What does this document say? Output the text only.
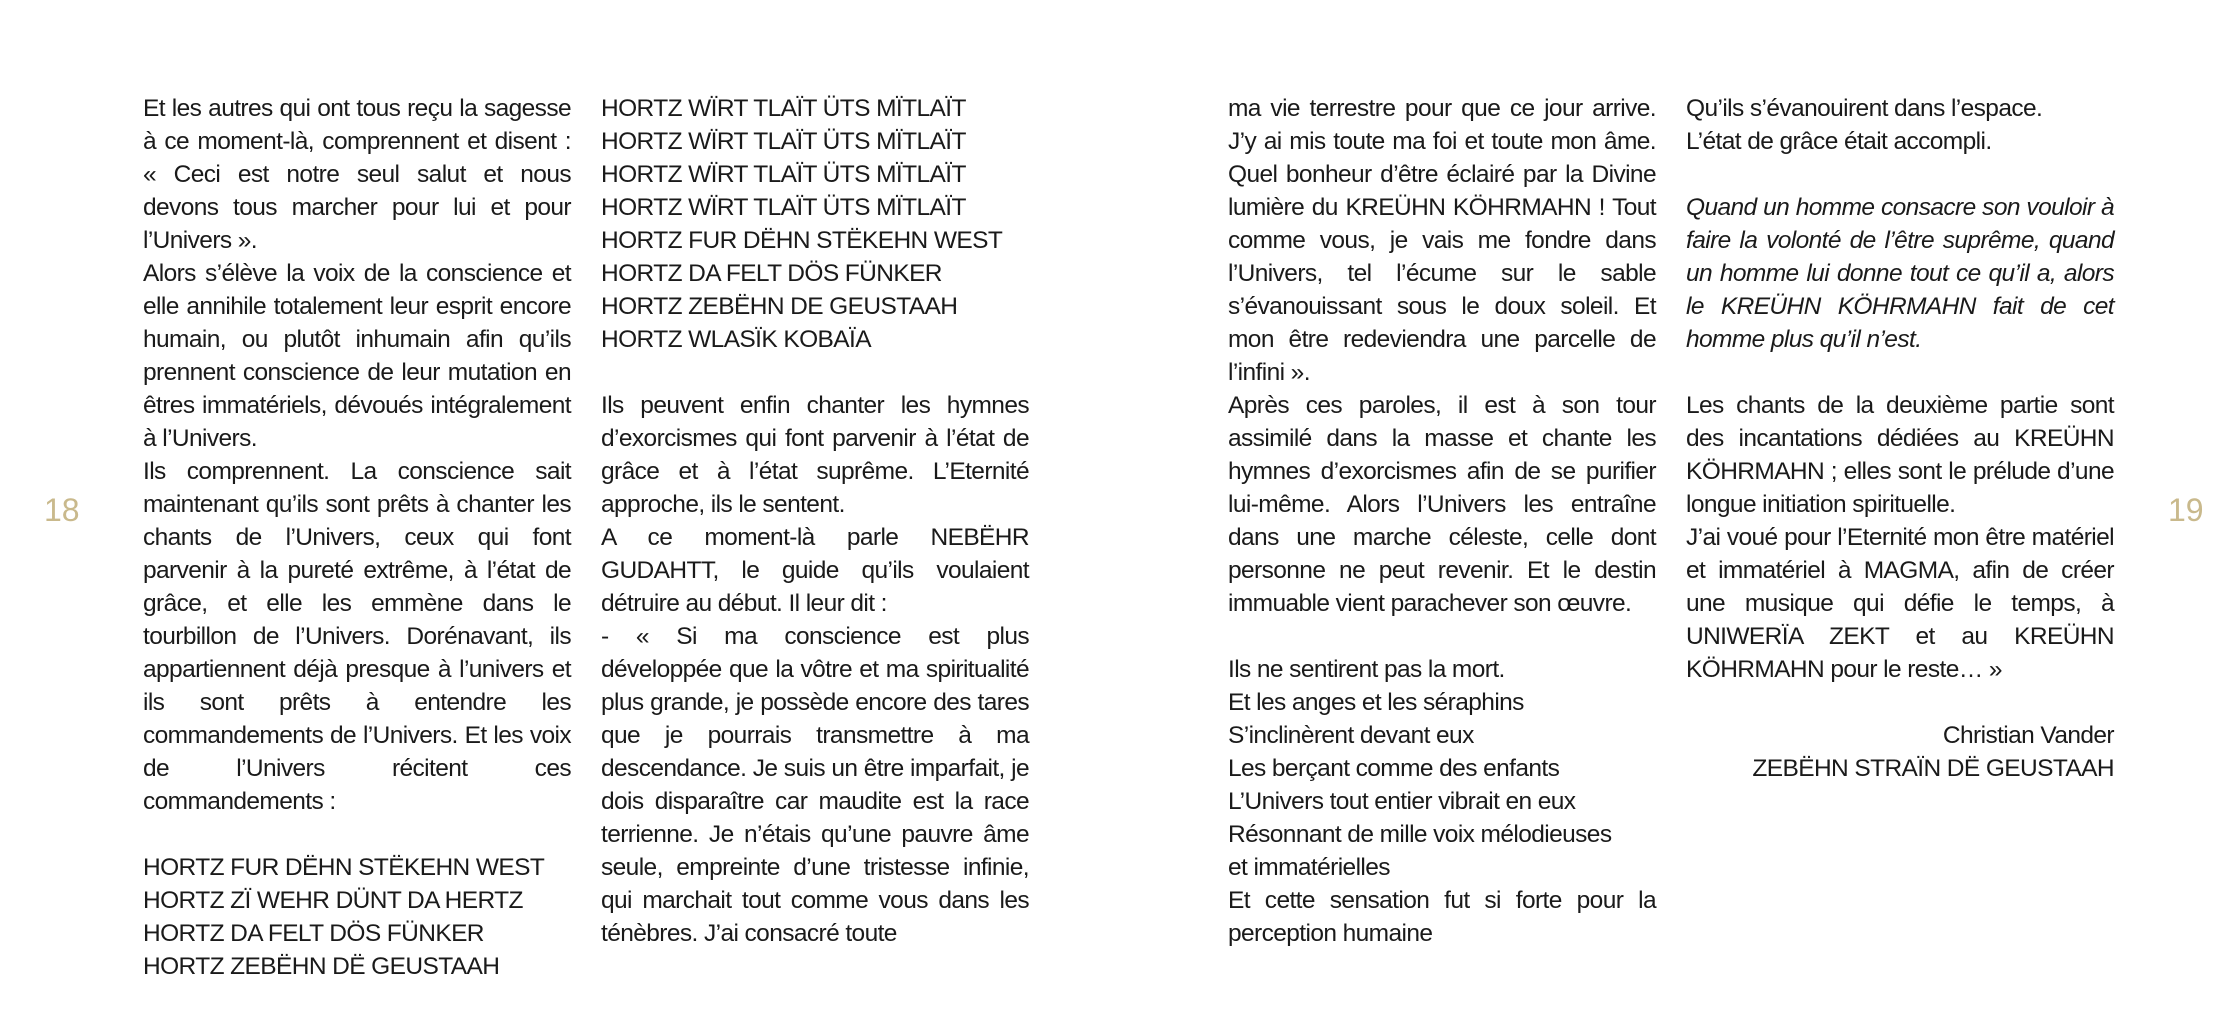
18	19

Et les autres qui ont tous reçu la sagesse à ce moment-là, comprennent et disent : « Ceci est notre seul salut et nous devons tous marcher pour lui et pour l’Univers ».

Alors s’élève la voix de la conscience et elle annihile totalement leur esprit encore humain, ou plutôt inhumain afin qu’ils prennent conscience de leur mutation en êtres immatériels, dévoués intégralement à l’Univers.

Ils comprennent. La conscience sait maintenant qu’ils sont prêts à chanter les chants de l’Univers, ceux qui font parvenir à la pureté extrême, à l’état de grâce, et elle les emmène dans le tourbillon de l’Univers. Dorénavant, ils appartiennent déjà presque à l’univers et ils sont prêts à entendre les commandements de l’Univers. Et les voix de l’Univers récitent ces commandements :

HORTZ FUR DËHN STËKEHN WEST
HORTZ ZÏ WEHR DÜNT DA HERTZ
HORTZ DA FELT DÖS FÜNKER
HORTZ ZEBËHN DË GEUSTAAH
HORTZ WÏRT TLAÏT ÜTS MÏTLAÏT
HORTZ WÏRT TLAÏT ÜTS MÏTLAÏT
HORTZ WÏRT TLAÏT ÜTS MÏTLAÏT
HORTZ WÏRT TLAÏT ÜTS MÏTLAÏT
HORTZ FUR DËHN STËKEHN WEST
HORTZ DA FELT DÖS FÜNKER
HORTZ ZEBËHN DE GEUSTAAH
HORTZ WLASÏK KOBAÏA

Ils peuvent enfin chanter les hymnes d’exorcismes qui font parvenir à l’état de grâce et à l’état suprême. L’Eternité approche, ils le sentent.

A ce moment-là parle NEBËHR GUDAHTT, le guide qu’ils voulaient détruire au début. Il leur dit :

- « Si ma conscience est plus développée que la vôtre et ma spiritualité plus grande, je possède encore des tares que je pourrais transmettre à ma descendance. Je suis un être imparfait, je dois disparaître car maudite est la race terrienne. Je n’étais qu’une pauvre âme seule, empreinte d’une tristesse infinie, qui marchait tout comme vous dans les ténèbres. J’ai consacré toute

ma vie terrestre pour que ce jour arrive. J’y ai mis toute ma foi et toute mon âme. Quel bonheur d’être éclairé par la Divine lumière du KREÜHN KÖHRMAHN ! Tout comme vous, je vais me fondre dans l’Univers, tel l’écume sur le sable s’évanouissant sous le doux soleil. Et mon être redeviendra une parcelle de l’infini ».

Après ces paroles, il est à son tour assimilé dans la masse et chante les hymnes d’exorcismes afin de se purifier lui-même. Alors l’Univers les entraîne dans une marche céleste, celle dont personne ne peut revenir. Et le destin immuable vient parachever son œuvre.

Ils ne sentirent pas la mort.
Et les anges et les séraphins
S’inclinèrent devant eux
Les berçant comme des enfants
L’Univers tout entier vibrait en eux
Résonnant de mille voix mélodieuses
et immatérielles

Et cette sensation fut si forte pour la perception humaine

Qu’ils s’évanouirent dans l’espace.
L’état de grâce était accompli.

Quand un homme consacre son vouloir à faire la volonté de l’être suprême, quand un homme lui donne tout ce qu’il a, alors le KREÜHN KÖHRMAHN fait de cet homme plus qu’il n’est.

Les chants de la deuxième partie sont des incantations dédiées au KREÜHN KÖHRMAHN ; elles sont le prélude d’une longue initiation spirituelle.

J’ai voué pour l’Eternité mon être matériel et immatériel à MAGMA, afin de créer une musique qui défie le temps, à UNIWERÏA ZEKT et au KREÜHN KÖHRMAHN pour le reste… »

Christian Vander
ZEBËHN STRAÏN DË GEUSTAAH
